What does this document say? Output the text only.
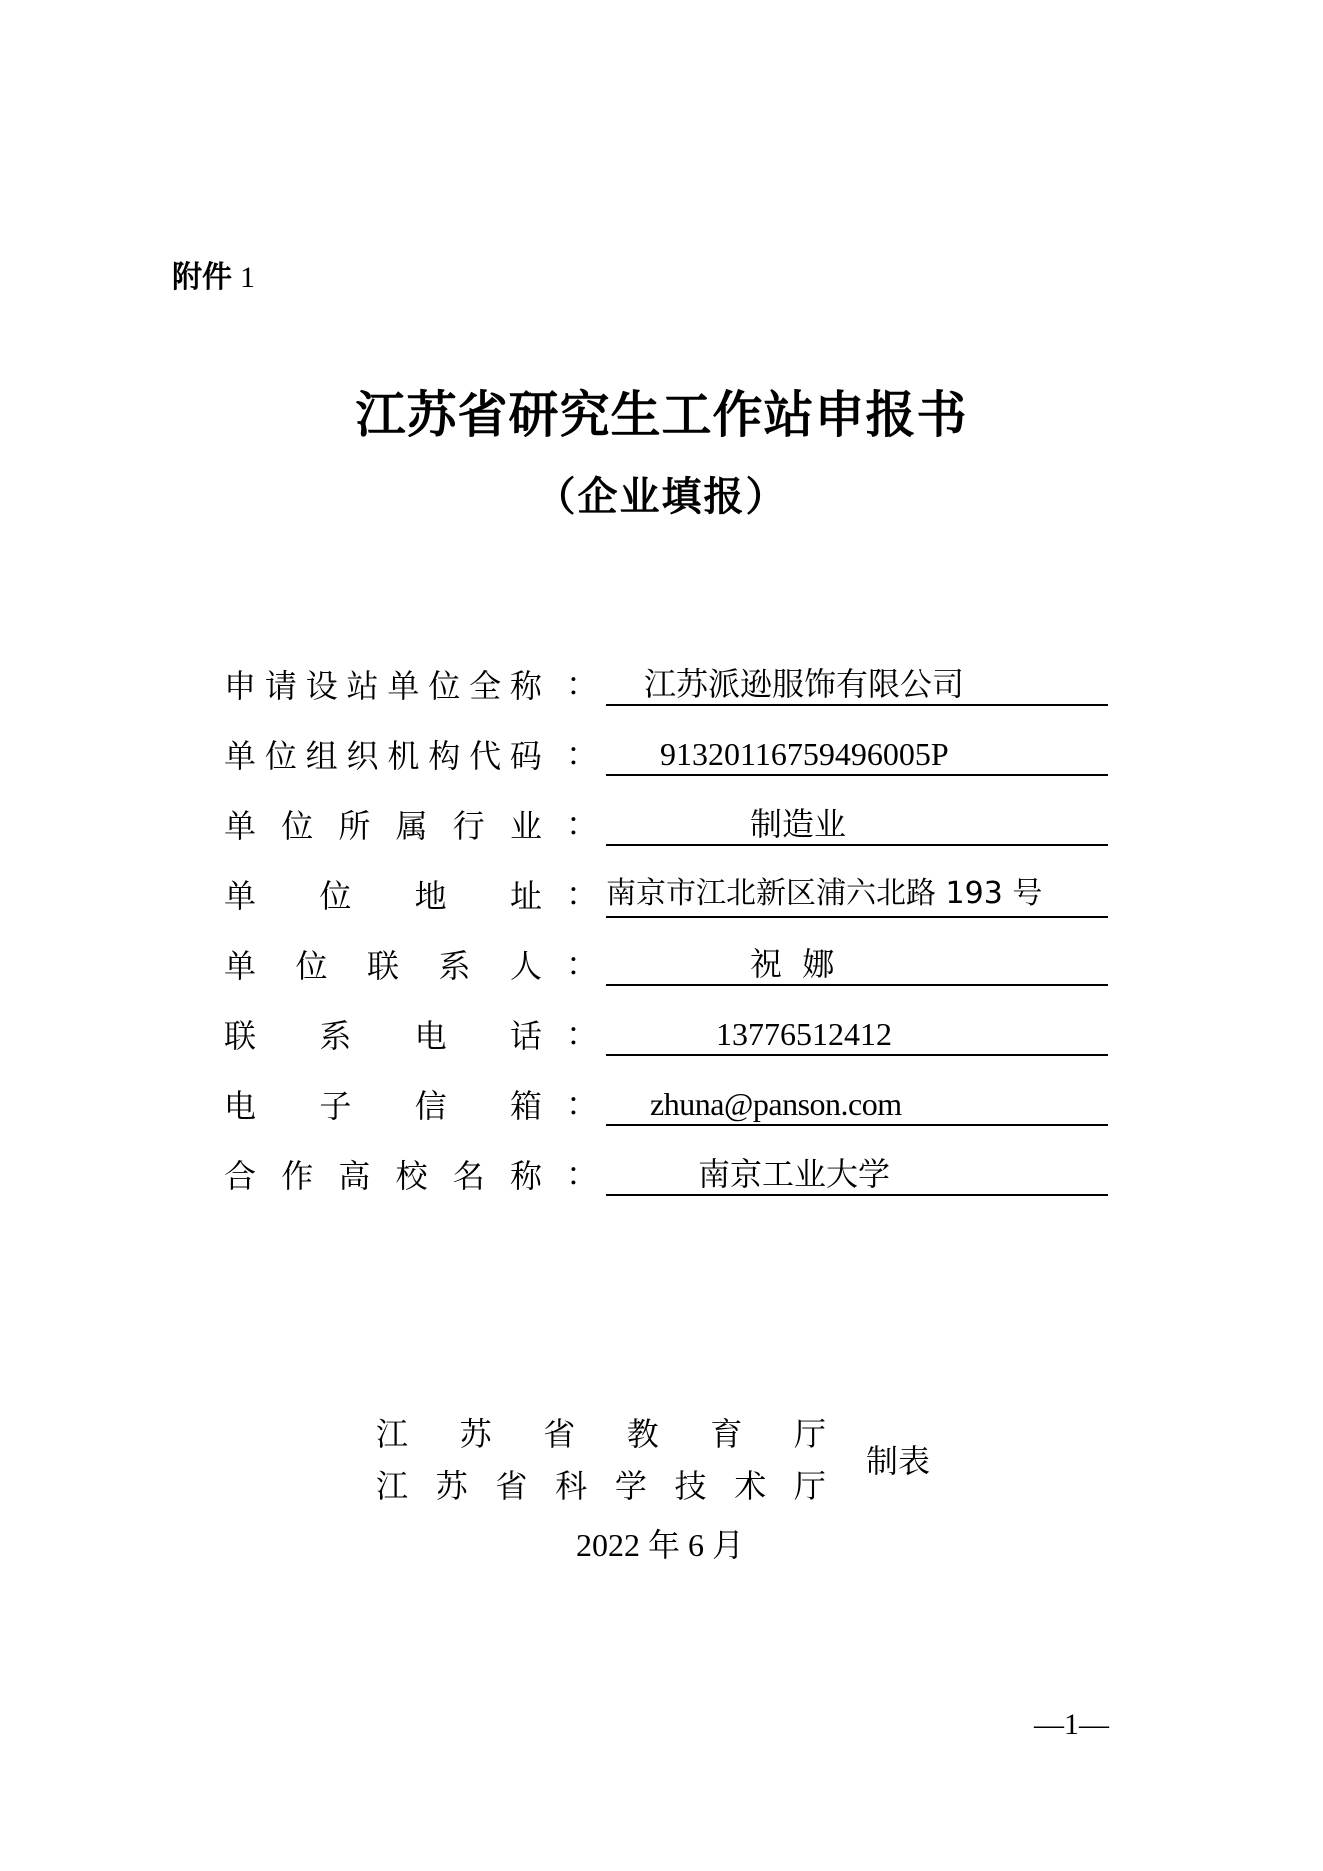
附件 1
江苏省研究生工作站申报书
（企业填报）
申 请 设 站 单 位 全 称 ：	江苏派逊服饰有限公司
单 位 组 织 机 构 代 码 ：	91320116759496005P
单 位 所 属 行 业 ：	制造业
单 位 地 址 ： 南京市江北新区浦六北路 193 号
单 位 联 系 人 ：	祝  娜
联 系 电 话 ：	13776512412
电 子 信 箱 ：	zhuna@panson.com
合 作 高 校 名 称 ：	南京工业大学
江 苏 省 教 育 厅
江 苏 省 科 学 技 术 厅
制表
2022 年 6 月
—1—
